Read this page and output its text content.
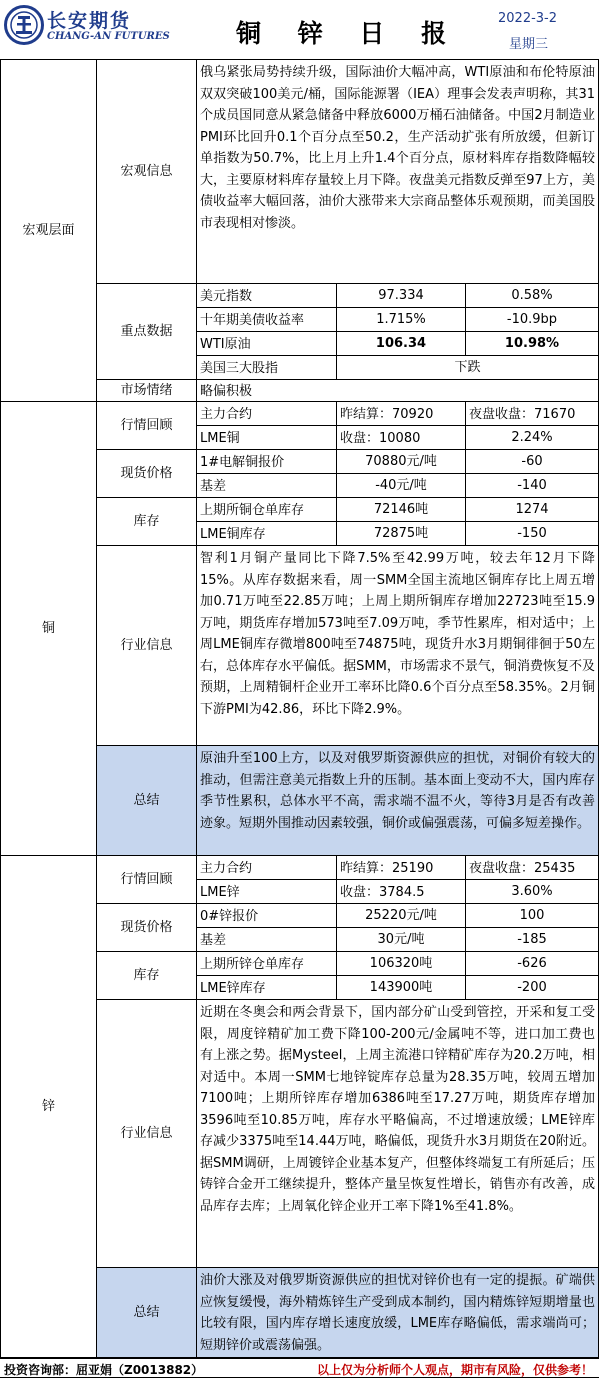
长安期货
CHANG-AN FUTURES	铜 锌 日 报
2022-3-2
星期三
宏观层面
宏观信息
俄乌紧张局势持续升级，国际油价大幅冲高，WTI原油和布伦特原油双双突破100美元/桶，国际能源署（IEA）理事会发表声明称，其31个成员国同意从紧急储备中释放6000万桶石油储备。中国2月制造业PMI环比回升0.1个百分点至50.2，生产活动扩张有所放缓，但新订单指数为50.7%，比上月上升1.4个百分点，原材料库存指数降幅较大，主要原材料库存量较上月下降。夜盘美元指数反弹至97上方，美债收益率大幅回落，油价大涨带来大宗商品整体乐观预期，而美国股市表现相对惨淡。
重点数据
美元指数	97.334	0.58%
十年期美债收益率	1.715%	-10.9bp
WTI原油	106.34	10.98%
美国三大股指	下跌
市场情绪	略偏积极
铜
行情回顾
主力合约	昨结算：70920	夜盘收盘：71670
LME铜	收盘：10080	2.24%
现货价格
1#电解铜报价	70880元/吨	-60
基差	-40元/吨	-140
库存
上期所铜仓单库存	72146吨	1274
LME铜库存	72875吨	-150
行业信息
智利1月铜产量同比下降7.5%至42.99万吨，较去年12月下降15%。从库存数据来看，周一SMM全国主流地区铜库存比上周五增加0.71万吨至22.85万吨；上周上期所铜库存增加22723吨至15.9万吨，期货库存增加573吨至7.09万吨，季节性累库，相对适中；上周LME铜库存微增800吨至74875吨，现货升水3月期铜徘徊于50左右，总体库存水平偏低。据SMM，市场需求不景气，铜消费恢复不及预期，上周精铜杆企业开工率环比降0.6个百分点至58.35%。2月铜下游PMI为42.86，环比下降2.9%。
总结
原油升至100上方，以及对俄罗斯资源供应的担忧，对铜价有较大的推动，但需注意美元指数上升的压制。基本面上变动不大，国内库存季节性累积，总体水平不高，需求端不温不火，等待3月是否有改善迹象。短期外围推动因素较强，铜价或偏强震荡，可偏多短差操作。
锌
行情回顾
主力合约	昨结算：25190	夜盘收盘：25435
LME锌	收盘：3784.5	3.60%
现货价格
0#锌报价	25220元/吨	100
基差	30元/吨	-185
库存
上期所锌仓单库存	106320吨	-626
LME锌库存	143900吨	-200
行业信息
近期在冬奥会和两会背景下，国内部分矿山受到管控，开采和复工受限，周度锌精矿加工费下降100-200元/金属吨不等，进口加工费也有上涨之势。据Mysteel，上周主流港口锌精矿库存为20.2万吨，相对适中。本周一SMM七地锌锭库存总量为28.35万吨，较周五增加7100吨；上期所锌库存增加6386吨至17.27万吨，期货库存增加3596吨至10.85万吨，库存水平略偏高，不过增速放缓；LME锌库存减少3375吨至14.44万吨，略偏低，现货升水3月期货在20附近。据SMM调研，上周镀锌企业基本复产，但整体终端复工有所延后；压铸锌合金开工继续提升，整体产量呈恢复性增长，销售亦有改善，成品库存去库；上周氧化锌企业开工率下降1%至41.8%。
总结
油价大涨及对俄罗斯资源供应的担忧对锌价也有一定的提振。矿端供应恢复缓慢，海外精炼锌生产受到成本制约，国内精炼锌短期增量也比较有限，国内库存增长速度放缓，LME库存略偏低，需求端尚可；短期锌价或震荡偏强。
投资咨询部：屈亚娟（Z0013882）	以上仅为分析师个人观点，期市有风险，仅供参考！
